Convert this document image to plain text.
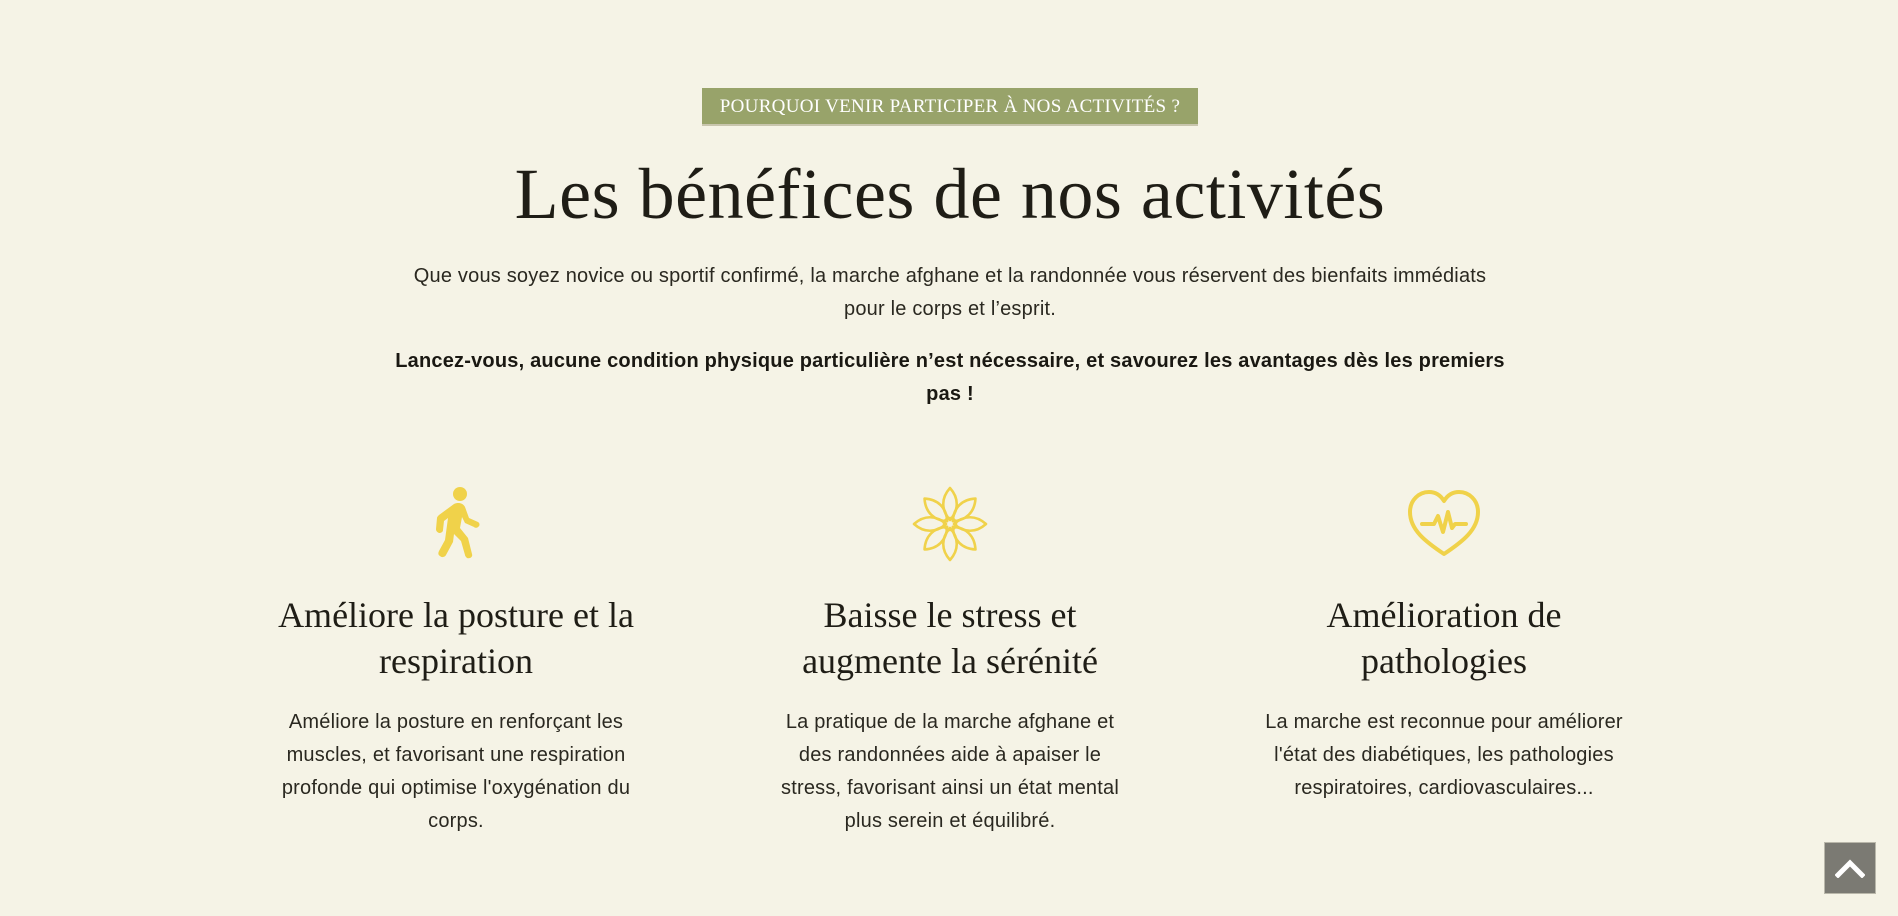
POURQUOI VENIR PARTICIPER À NOS ACTIVITÉS ?
Les bénéfices de nos activités

Que vous soyez novice ou sportif confirmé, la marche afghane et la randonnée vous réservent des bienfaits immédiats pour le corps et l’esprit.

Lancez-vous, aucune condition physique particulière n’est nécessaire, et savourez les avantages dès les premiers pas !

Améliore la posture et la respiration

Améliore la posture en renforçant les muscles, et favorisant une respiration profonde qui optimise l'oxygénation du corps.

Baisse le stress et augmente la sérénité

La pratique de la marche afghane et des randonnées aide à apaiser le stress, favorisant ainsi un état mental plus serein et équilibré.

Amélioration de pathologies

La marche est reconnue pour améliorer l'état des diabétiques, les pathologies respiratoires, cardiovasculaires...
